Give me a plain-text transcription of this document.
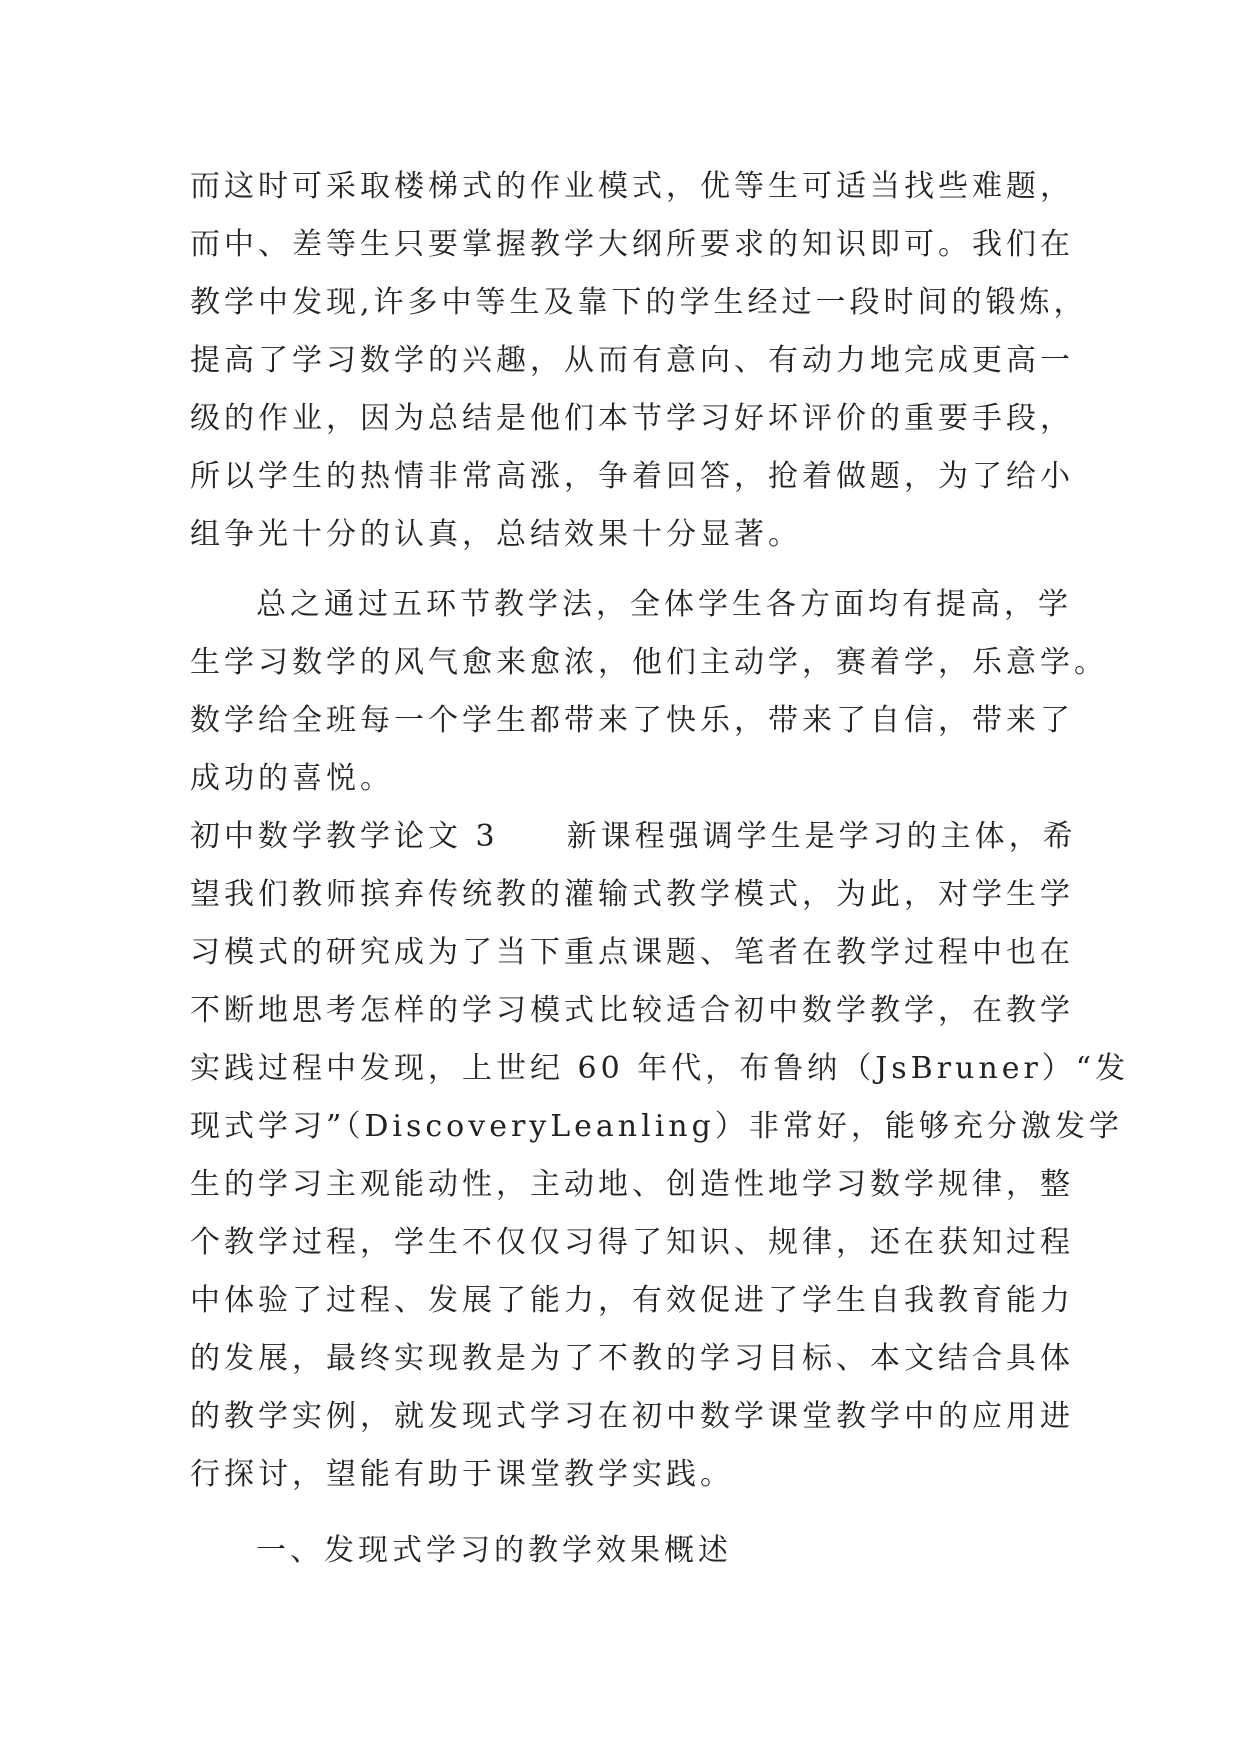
而这时可采取楼梯式的作业模式，优等生可适当找些难题，
而中、差等生只要掌握教学大纲所要求的知识即可。我们在
教学中发现,许多中等生及靠下的学生经过一段时间的锻炼，
提高了学习数学的兴趣，从而有意向、有动力地完成更高一
级的作业，因为总结是他们本节学习好坏评价的重要手段，
所以学生的热情非常高涨，争着回答，抢着做题，为了给小
组争光十分的认真，总结效果十分显著。
总之通过五环节教学法，全体学生各方面均有提高，学
生学习数学的风气愈来愈浓，他们主动学，赛着学，乐意学。
数学给全班每一个学生都带来了快乐，带来了自信，带来了
成功的喜悦。
初中数学教学论文 3　　新课程强调学生是学习的主体，希
望我们教师摈弃传统教的灌输式教学模式，为此，对学生学
习模式的研究成为了当下重点课题、笔者在教学过程中也在
不断地思考怎样的学习模式比较适合初中数学教学，在教学
实践过程中发现，上世纪 60 年代，布鲁纳（JsBruner）“发
现式学习”（DiscoveryLeanling）非常好，能够充分激发学
生的学习主观能动性，主动地、创造性地学习数学规律，整
个教学过程，学生不仅仅习得了知识、规律，还在获知过程
中体验了过程、发展了能力，有效促进了学生自我教育能力
的发展，最终实现教是为了不教的学习目标、本文结合具体
的教学实例，就发现式学习在初中数学课堂教学中的应用进
行探讨，望能有助于课堂教学实践。
一、发现式学习的教学效果概述
